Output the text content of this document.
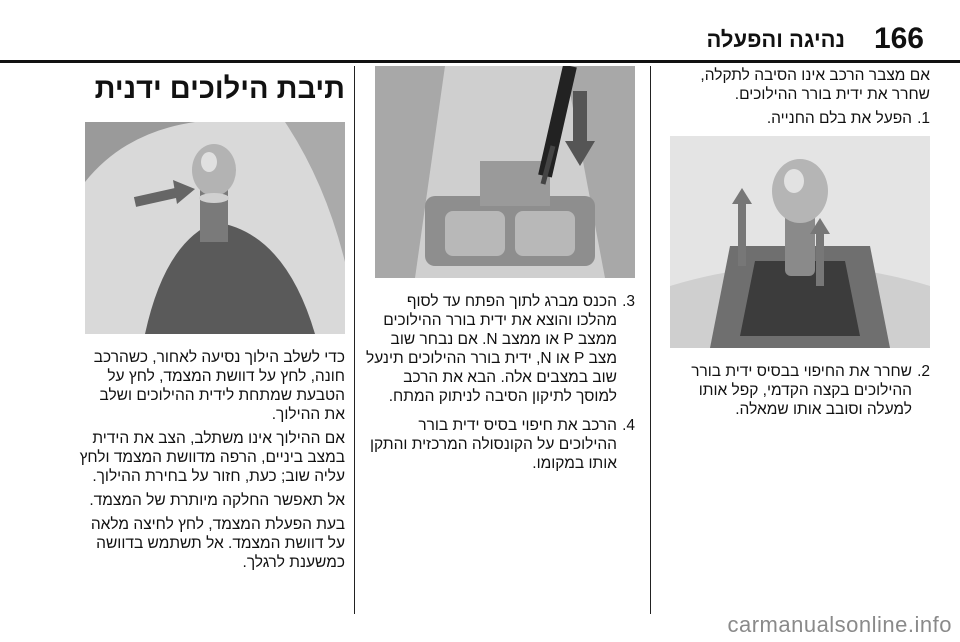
166
נהיגה והפעלה

אם מצבר הרכב אינו הסיבה לתקלה, שחרר את ידית בורר ההילוכים.

1.
הפעל את בלם החנייה.
2.
שחרר את החיפוי בבסיס ידית בורר ההילוכים בקצה הקדמי, קפל אותו למעלה וסובב אותו שמאלה.
3.
הכנס מברג לתוך הפתח עד לסוף מהלכו והוצא את ידית בורר ההילוכים ממצב P או ממצב N. אם נבחר שוב מצב P או N, ידית בורר ההילוכים תינעל שוב במצבים אלה. הבא את הרכב למוסך לתיקון הסיבה לניתוק המתח.
4.
הרכב את חיפוי בסיס ידית בורר ההילוכים על הקונסולה המרכזית והתקן אותו במקומו.
תיבת הילוכים ידנית

כדי לשלב הילוך נסיעה לאחור, כשהרכב חונה, לחץ על דוושת המצמד, לחץ על הטבעת שמתחת לידית ההילוכים ושלב את ההילוך.

אם ההילוך אינו משתלב, הצב את הידית במצב ביניים, הרפה מדוושת המצמד ולחץ עליה שוב; כעת, חזור על בחירת ההילוך.

אל תאפשר החלקה מיותרת של המצמד.

בעת הפעלת המצמד, לחץ לחיצה מלאה על דוושת המצמד. אל תשתמש בדוושה כמשענת לרגלך.

carmanualsonline.info
